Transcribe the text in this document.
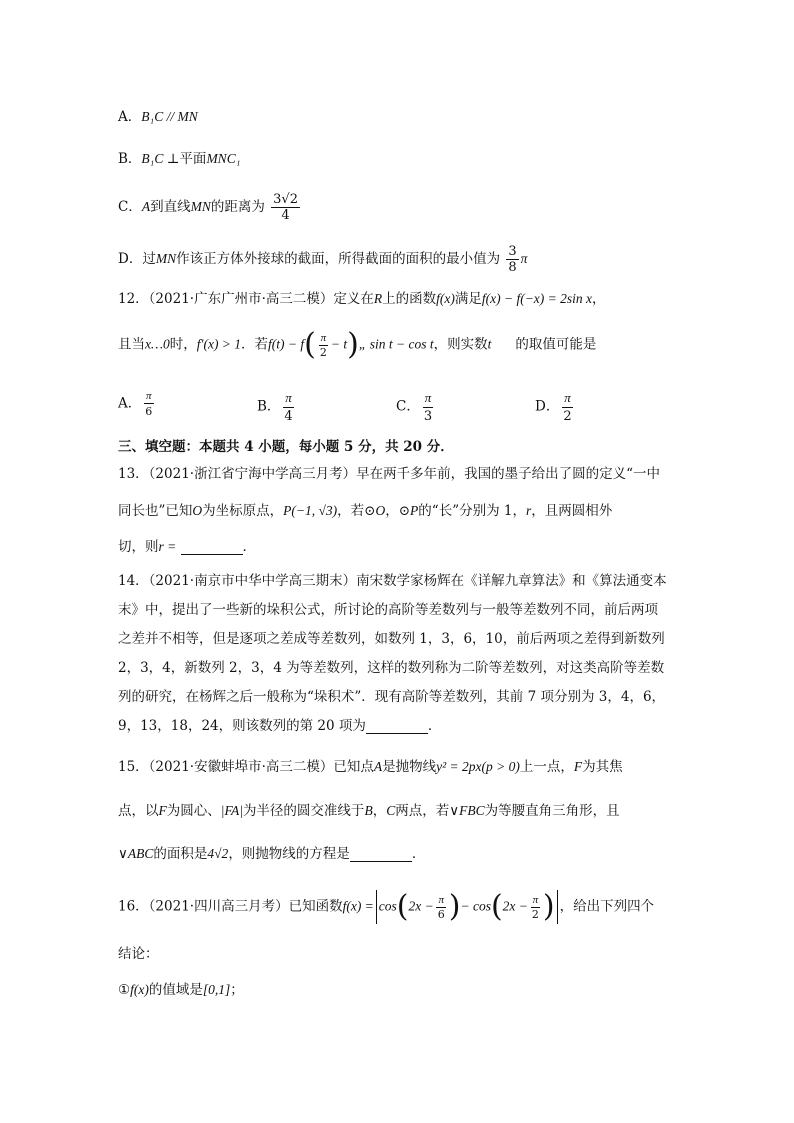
A．B₁C // MN
B．B₁C ⊥平面MNC₁
C．A到直线MN的距离为 $\frac{3√2}{4}$
D．过MN作该正方体外接球的截面，所得截面的面积的最小值为 $\frac{3}{8}$ π
12．（2021·广东广州市·高三二模）定义在R上的函数f(x)满足f(x) − f(−x) = 2sin x，
且当x…0时，f′(x) > 1．若$f(t) - f( \frac{\pi}{2}$ − t)„ sin t − cos t，则实数t 的取值可能是
A． $\frac{\pi}{6}$	B． $\frac{\pi}{4}$	C． $\frac{\pi}{3}$	D． $\frac{\pi}{2}$
三、填空题：本题共 4 小题，每小题 5 分，共 20 分．
13．（2021·浙江省宁海中学高三月考）早在两千多年前，我国的墨子给出了圆的定义“一中
同长也”已知O为坐标原点，P(−1, √3)，若⊙O，⊙P的“长”分别为 1，r，且两圆相外
切，则r =	．
14．（2021·南京市中华中学高三期末）南宋数学家杨辉在《详解九章算法》和《算法通变本
末》中，提出了一些新的垛积公式，所讨论的高阶等差数列与一般等差数列不同，前后两项
之差并不相等，但是逐项之差成等差数列，如数列 1，3，6，10，前后两项之差得到新数列
2，3，4，新数列 2，3，4 为等差数列，这样的数列称为二阶等差数列，对这类高阶等差数
列的研究，在杨辉之后一般称为“垛积术”．现有高阶等差数列，其前 7 项分别为 3，4，6，
9，13，18，24，则该数列的第 20 项为	．
15．（2021·安徽蚌埠市·高三二模）已知点A是抛物线y² = 2px(p > 0)上一点，F为其焦
点，以F为圆心、|FA|为半径的圆交准线于B，C两点，若∨FBC为等腰直角三角形，且
∨ABC的面积是4√2，则抛物线的方程是	．
16．（2021·四川高三月考）已知函数$f(x) = \cos(2x - \frac{\pi}{6}$ )− $\cos(2x - \frac{\pi}{2}$ ) ，给出下列四个
结论：
①f(x)的值域是[0,1]；
